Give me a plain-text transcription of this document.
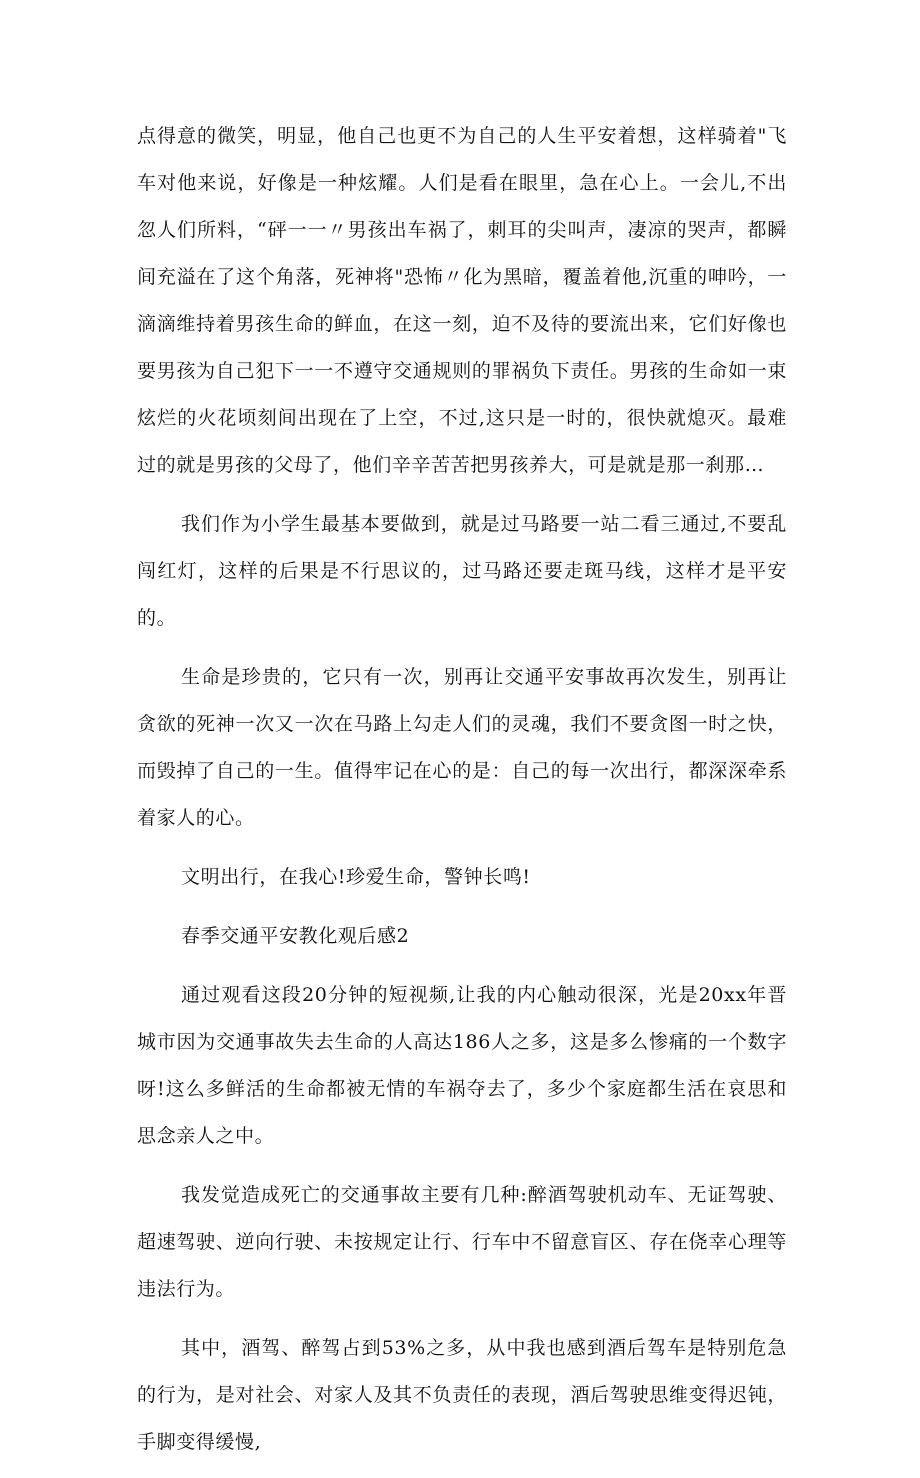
点得意的微笑，明显，他自己也更不为自己的人生平安着想，这样骑着"飞车对他来说，好像是一种炫耀。人们是看在眼里，急在心上。一会儿,不出忽人们所料，“砰一一〃男孩出车祸了，刺耳的尖叫声，凄凉的哭声，都瞬间充溢在了这个角落，死神将"恐怖〃化为黑暗，覆盖着他,沉重的呻吟，一滴滴维持着男孩生命的鲜血，在这一刻，迫不及待的要流出来，它们好像也要男孩为自己犯下一一不遵守交通规则的罪祸负下责任。男孩的生命如一束炫烂的火花顷刻间出现在了上空，不过,这只是一时的，很快就熄灭。最难过的就是男孩的父母了，他们辛辛苦苦把男孩养大，可是就是那一刹那…

我们作为小学生最基本要做到，就是过马路要一站二看三通过,不要乱闯红灯，这样的后果是不行思议的，过马路还要走斑马线，这样才是平安的。

生命是珍贵的，它只有一次，别再让交通平安事故再次发生，别再让贪欲的死神一次又一次在马路上勾走人们的灵魂，我们不要贪图一时之快，而毁掉了自己的一生。值得牢记在心的是：自己的每一次出行，都深深牵系着家人的心。

文明出行，在我心!珍爱生命，警钟长鸣!

春季交通平安教化观后感2

通过观看这段20分钟的短视频,让我的内心触动很深，光是20xx年晋城市因为交通事故失去生命的人高达186人之多，这是多么惨痛的一个数字呀!这么多鲜活的生命都被无情的车祸夺去了，多少个家庭都生活在哀思和思念亲人之中。

我发觉造成死亡的交通事故主要有几种:醉酒驾驶机动车、无证驾驶、超速驾驶、逆向行驶、未按规定让行、行车中不留意盲区、存在侥幸心理等违法行为。

其中，酒驾、醉驾占到53%之多，从中我也感到酒后驾车是特别危急的行为，是对社会、对家人及其不负责任的表现，酒后驾驶思维变得迟钝，手脚变得缓慢,
